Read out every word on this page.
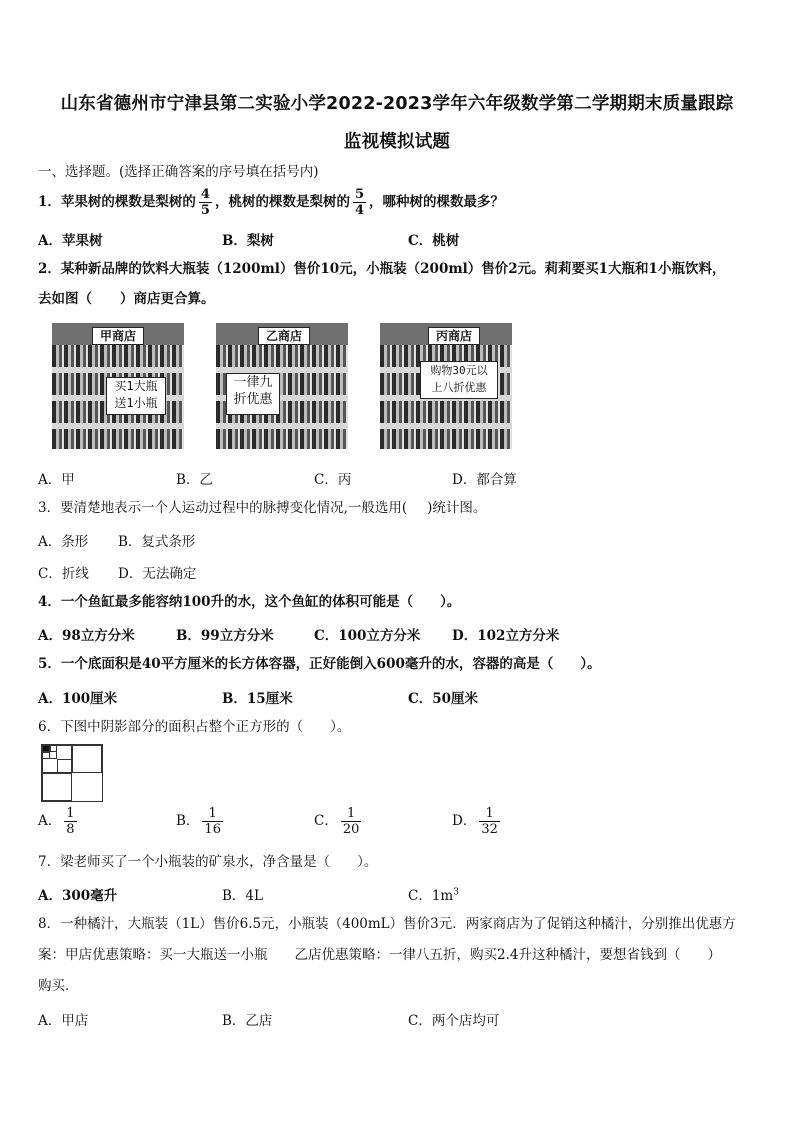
山东省德州市宁津县第二实验小学2022-2023学年六年级数学第二学期期末质量跟踪
监视模拟试题
一、选择题。(选择正确答案的序号填在括号内)
1．苹果树的棵数是梨树的 $\frac{4}{5}$ ，桃树的棵数是梨树的 $\frac{5}{4}$ ，哪种树的棵数最多？
A．苹果树	B．梨树	C．桃树
2．某种新品牌的饮料大瓶装（1200ml）售价10元，小瓶装（200ml）售价2元。莉莉要买1大瓶和1小瓶饮料，
去如图（ ）商店更合算。
甲商店
买1大瓶
送1小瓶
乙商店
一律九
折优惠
丙商店
购物30元以
上八折优惠
A．甲	B．乙	C．丙	D．都合算
3．要清楚地表示一个人运动过程中的脉搏变化情况,一般选用( )统计图。
A．条形 B．复式条形
C．折线 D．无法确定
4．一个鱼缸最多能容纳100升的水，这个鱼缸的体积可能是（　　）。
A．98立方分米	B．99立方分米	C．100立方分米 D．102立方分米
5．一个底面积是40平方厘米的长方体容器，正好能倒入600毫升的水，容器的高是（　　）。
A．100厘米	B．15厘米	C．50厘米
6．下图中阴影部分的面积占整个正方形的（　　）。
A． $\frac{1}{8}$	B． $\frac{1}{16}$	C． $\frac{1}{20}$	D． $\frac{1}{32}$
7．梁老师买了一个小瓶装的矿泉水，净含量是（　　）。
A．300毫升	B．4L	C．$1m^3$
8．一种橘汁，大瓶装（1L）售价6.5元，小瓶装（400mL）售价3元．两家商店为了促销这种橘汁，分别推出优惠方
案：甲店优惠策略：买一大瓶送一小瓶　　乙店优惠策略：一律八五折，购买2.4升这种橘汁，要想省钱到（　　）
购买．
A．甲店	B．乙店	C．两个店均可
